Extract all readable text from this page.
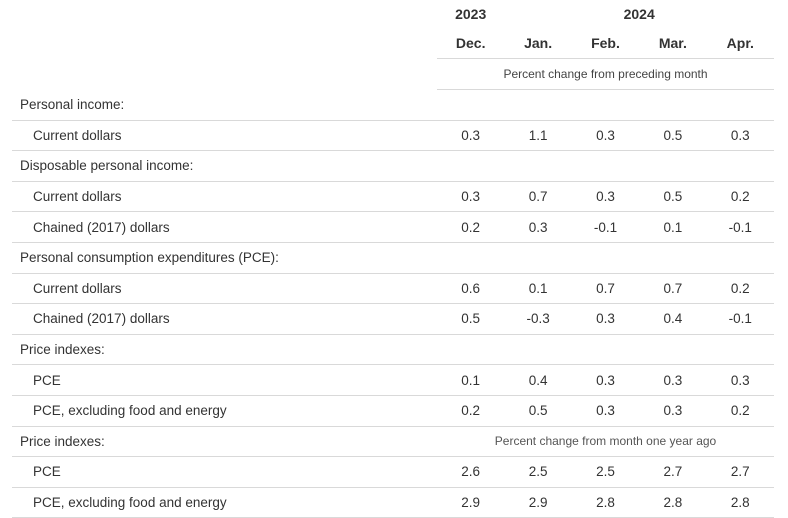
	2023	2024			
	Dec.	Jan.	Feb.	Mar.	Apr.
	Percent change from preceding month				
Personal income:					
Current dollars	0.3	1.1	0.3	0.5	0.3
Disposable personal income:					
Current dollars	0.3	0.7	0.3	0.5	0.2
Chained (2017) dollars	0.2	0.3	-0.1	0.1	-0.1
Personal consumption expenditures (PCE):					
Current dollars	0.6	0.1	0.7	0.7	0.2
Chained (2017) dollars	0.5	-0.3	0.3	0.4	-0.1
Price indexes:					
PCE	0.1	0.4	0.3	0.3	0.3
PCE, excluding food and energy	0.2	0.5	0.3	0.3	0.2
Price indexes:	Percent change from month one year ago				
PCE	2.6	2.5	2.5	2.7	2.7
PCE, excluding food and energy	2.9	2.9	2.8	2.8	2.8
